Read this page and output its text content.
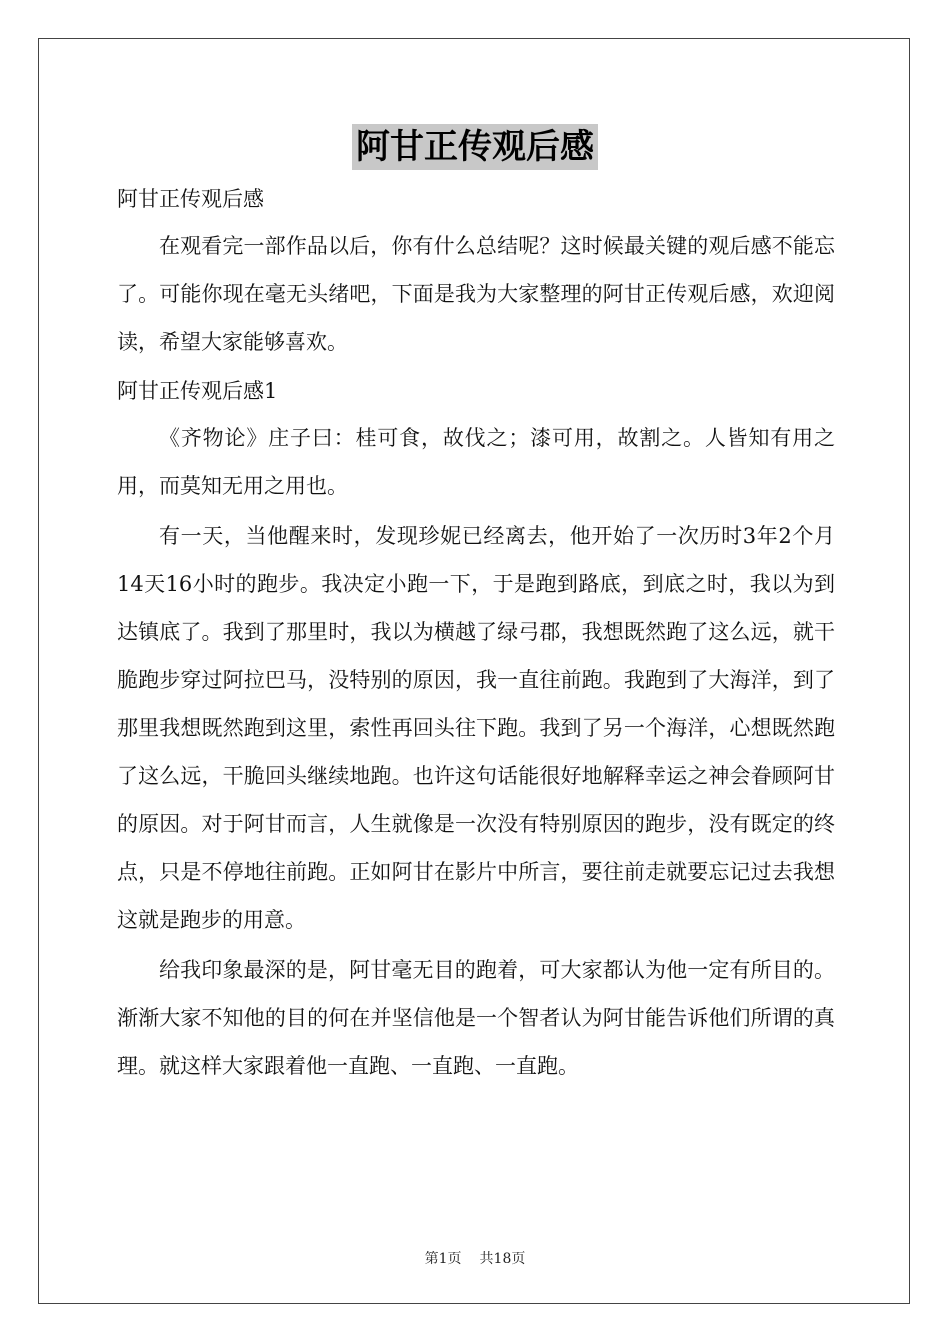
阿甘正传观后感

阿甘正传观后感

在观看完一部作品以后，你有什么总结呢？这时候最关键的观后感不能忘了。可能你现在毫无头绪吧，下面是我为大家整理的阿甘正传观后感，欢迎阅读，希望大家能够喜欢。

阿甘正传观后感1

《齐物论》庄子曰：桂可食，故伐之；漆可用，故割之。人皆知有用之用，而莫知无用之用也。

有一天，当他醒来时，发现珍妮已经离去，他开始了一次历时3年2个月14天16小时的跑步。我决定小跑一下，于是跑到路底，到底之时，我以为到达镇底了。我到了那里时，我以为横越了绿弓郡，我想既然跑了这么远，就干脆跑步穿过阿拉巴马，没特别的原因，我一直往前跑。我跑到了大海洋，到了那里我想既然跑到这里，索性再回头往下跑。我到了另一个海洋，心想既然跑了这么远，干脆回头继续地跑。也许这句话能很好地解释幸运之神会眷顾阿甘的原因。对于阿甘而言，人生就像是一次没有特别原因的跑步，没有既定的终点，只是不停地往前跑。正如阿甘在影片中所言，要往前走就要忘记过去我想这就是跑步的用意。

给我印象最深的是，阿甘毫无目的跑着，可大家都认为他一定有所目的。渐渐大家不知他的目的何在并坚信他是一个智者认为阿甘能告诉他们所谓的真理。就这样大家跟着他一直跑、一直跑、一直跑。

第1页 共18页
